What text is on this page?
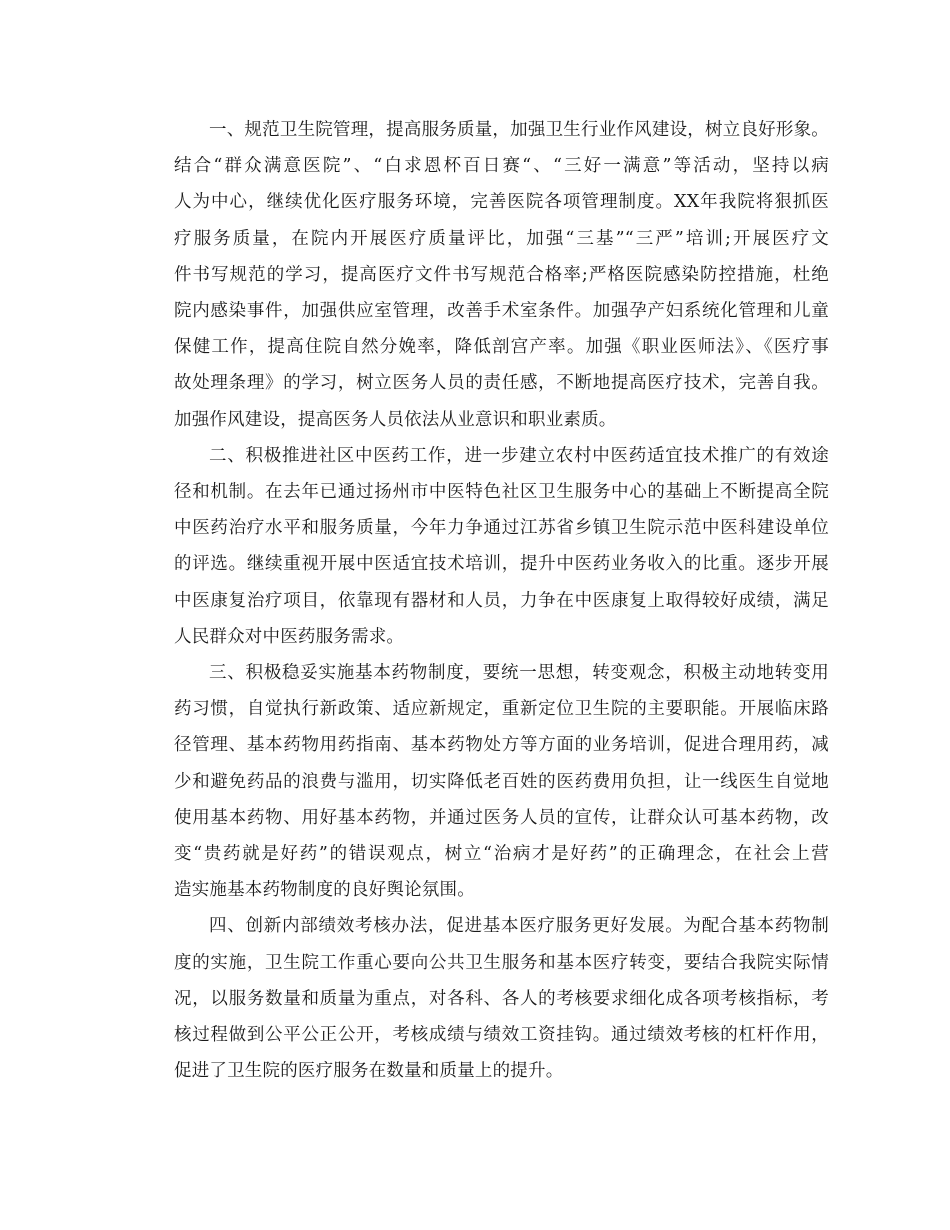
一、规范卫生院管理，提高服务质量，加强卫生行业作风建设，树立良好形象。
结合“群众满意医院”、“白求恩杯百日赛“、“三好一满意”等活动，坚持以病
人为中心，继续优化医疗服务环境，完善医院各项管理制度。XX年我院将狠抓医
疗服务质量，在院内开展医疗质量评比，加强“三基”“三严”培训;开展医疗文
件书写规范的学习，提高医疗文件书写规范合格率;严格医院感染防控措施，杜绝
院内感染事件，加强供应室管理，改善手术室条件。加强孕产妇系统化管理和儿童
保健工作，提高住院自然分娩率，降低剖宫产率。加强《职业医师法》、《医疗事
故处理条理》的学习，树立医务人员的责任感，不断地提高医疗技术，完善自我。
加强作风建设，提高医务人员依法从业意识和职业素质。
二、积极推进社区中医药工作，进一步建立农村中医药适宜技术推广的有效途
径和机制。在去年已通过扬州市中医特色社区卫生服务中心的基础上不断提高全院
中医药治疗水平和服务质量，今年力争通过江苏省乡镇卫生院示范中医科建设单位
的评选。继续重视开展中医适宜技术培训，提升中医药业务收入的比重。逐步开展
中医康复治疗项目，依靠现有器材和人员，力争在中医康复上取得较好成绩，满足
人民群众对中医药服务需求。
三、积极稳妥实施基本药物制度，要统一思想，转变观念，积极主动地转变用
药习惯，自觉执行新政策、适应新规定，重新定位卫生院的主要职能。开展临床路
径管理、基本药物用药指南、基本药物处方等方面的业务培训，促进合理用药，减
少和避免药品的浪费与滥用，切实降低老百姓的医药费用负担，让一线医生自觉地
使用基本药物、用好基本药物，并通过医务人员的宣传，让群众认可基本药物，改
变“贵药就是好药”的错误观点，树立“治病才是好药”的正确理念，在社会上营
造实施基本药物制度的良好舆论氛围。
四、创新内部绩效考核办法，促进基本医疗服务更好发展。为配合基本药物制
度的实施，卫生院工作重心要向公共卫生服务和基本医疗转变，要结合我院实际情
况，以服务数量和质量为重点，对各科、各人的考核要求细化成各项考核指标，考
核过程做到公平公正公开，考核成绩与绩效工资挂钩。通过绩效考核的杠杆作用，
促进了卫生院的医疗服务在数量和质量上的提升。
